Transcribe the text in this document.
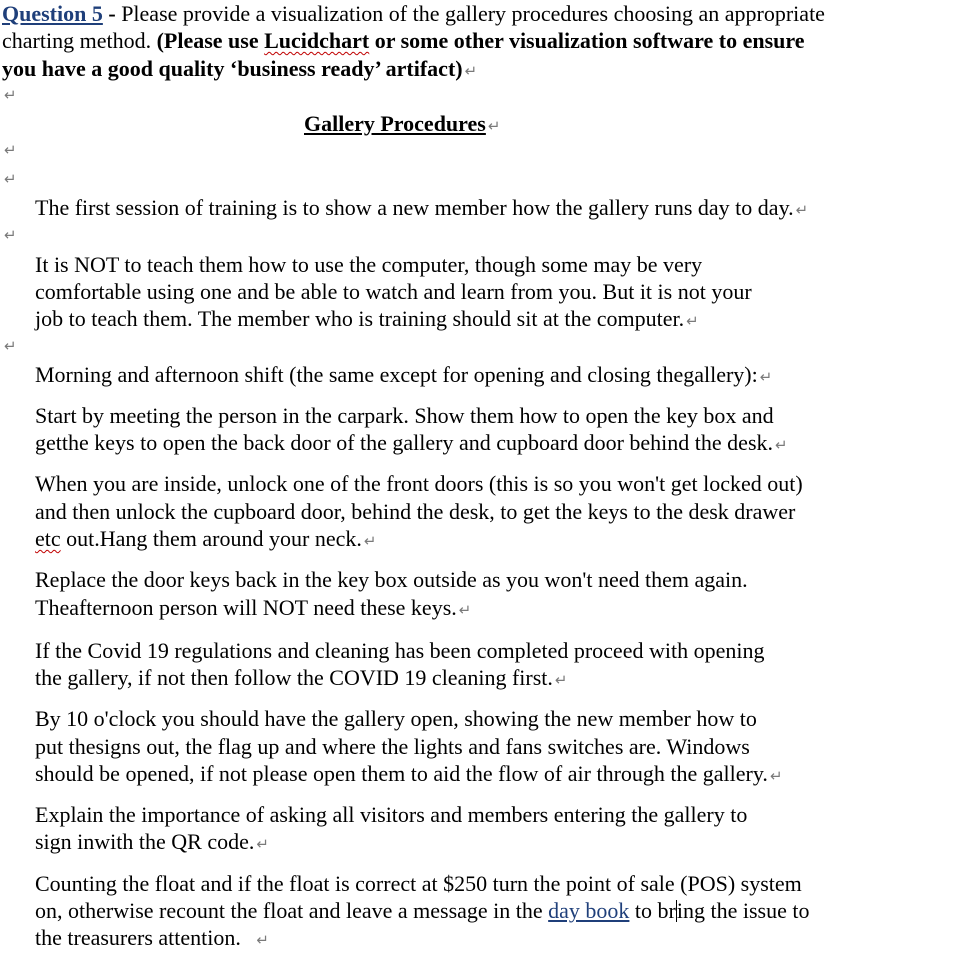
Question 5 - Please provide a visualization of the gallery procedures choosing an appropriate
charting method. (Please use Lucidchart or some other visualization software to ensure
you have a good quality ‘business ready’ artifact) ↵
↵
Gallery Procedures ↵
↵
↵
The first session of training is to show a new member how the gallery runs day to day. ↵
↵
It is NOT to teach them how to use the computer, though some may be very
comfortable using one and be able to watch and learn from you. But it is not your
job to teach them. The member who is training should sit at the computer. ↵
↵
Morning and afternoon shift (the same except for opening and closing thegallery): ↵
Start by meeting the person in the carpark. Show them how to open the key box and
getthe keys to open the back door of the gallery and cupboard door behind the desk. ↵
When you are inside, unlock one of the front doors (this is so you won't get locked out)
and then unlock the cupboard door, behind the desk, to get the keys to the desk drawer
etc out.Hang them around your neck. ↵
Replace the door keys back in the key box outside as you won't need them again.
Theafternoon person will NOT need these keys. ↵
If the Covid 19 regulations and cleaning has been completed proceed with opening
the gallery, if not then follow the COVID 19 cleaning first. ↵
By 10 o'clock you should have the gallery open, showing the new member how to
put thesigns out, the flag up and where the lights and fans switches are. Windows
should be opened, if not please open them to aid the flow of air through the gallery. ↵
Explain the importance of asking all visitors and members entering the gallery to
sign inwith the QR code. ↵
Counting the float and if the float is correct at $250 turn the point of sale (POS) system
on, otherwise recount the float and leave a message in the day book to bring the issue to
the treasurers attention. ↵
